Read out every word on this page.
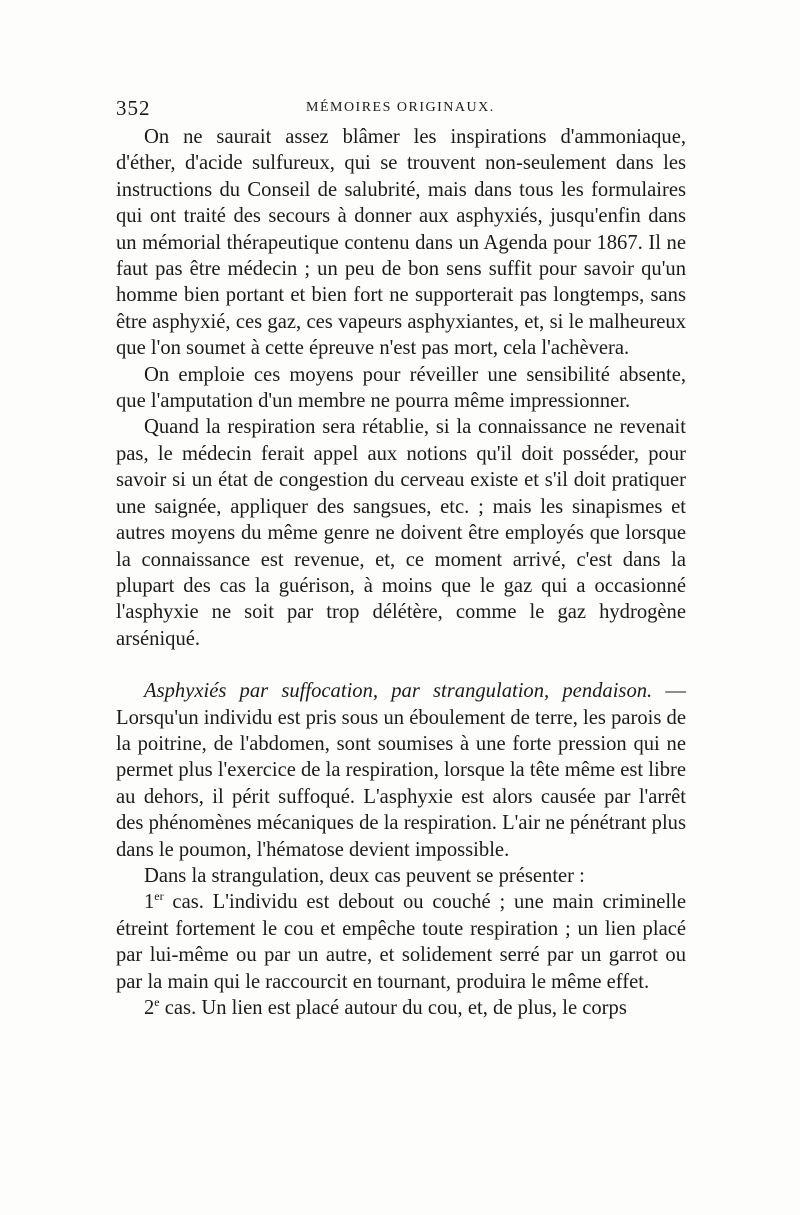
352	MÉMOIRES ORIGINAUX.

On ne saurait assez blâmer les inspirations d'ammoniaque, d'éther, d'acide sulfureux, qui se trouvent non-seulement dans les instructions du Conseil de salubrité, mais dans tous les formulaires qui ont traité des secours à donner aux asphyxiés, jusqu'enfin dans un mémorial thérapeutique contenu dans un Agenda pour 1867. Il ne faut pas être médecin ; un peu de bon sens suffit pour savoir qu'un homme bien portant et bien fort ne supporterait pas longtemps, sans être asphyxié, ces gaz, ces vapeurs asphyxiantes, et, si le malheureux que l'on soumet à cette épreuve n'est pas mort, cela l'achèvera.

On emploie ces moyens pour réveiller une sensibilité absente, que l'amputation d'un membre ne pourra même impressionner.

Quand la respiration sera rétablie, si la connaissance ne revenait pas, le médecin ferait appel aux notions qu'il doit posséder, pour savoir si un état de congestion du cerveau existe et s'il doit pratiquer une saignée, appliquer des sangsues, etc. ; mais les sinapismes et autres moyens du même genre ne doivent être employés que lorsque la connaissance est revenue, et, ce moment arrivé, c'est dans la plupart des cas la guérison, à moins que le gaz qui a occasionné l'asphyxie ne soit par trop délétère, comme le gaz hydrogène arséniqué.

Asphyxiés par suffocation, par strangulation, pendaison. — Lorsqu'un individu est pris sous un éboulement de terre, les parois de la poitrine, de l'abdomen, sont soumises à une forte pression qui ne permet plus l'exercice de la respiration, lorsque la tête même est libre au dehors, il périt suffoqué. L'asphyxie est alors causée par l'arrêt des phénomènes mécaniques de la respiration. L'air ne pénétrant plus dans le poumon, l'hématose devient impossible.

Dans la strangulation, deux cas peuvent se présenter :

1er cas. L'individu est debout ou couché ; une main criminelle étreint fortement le cou et empêche toute respiration ; un lien placé par lui-même ou par un autre, et solidement serré par un garrot ou par la main qui le raccourcit en tournant, produira le même effet.

2e cas. Un lien est placé autour du cou, et, de plus, le corps
